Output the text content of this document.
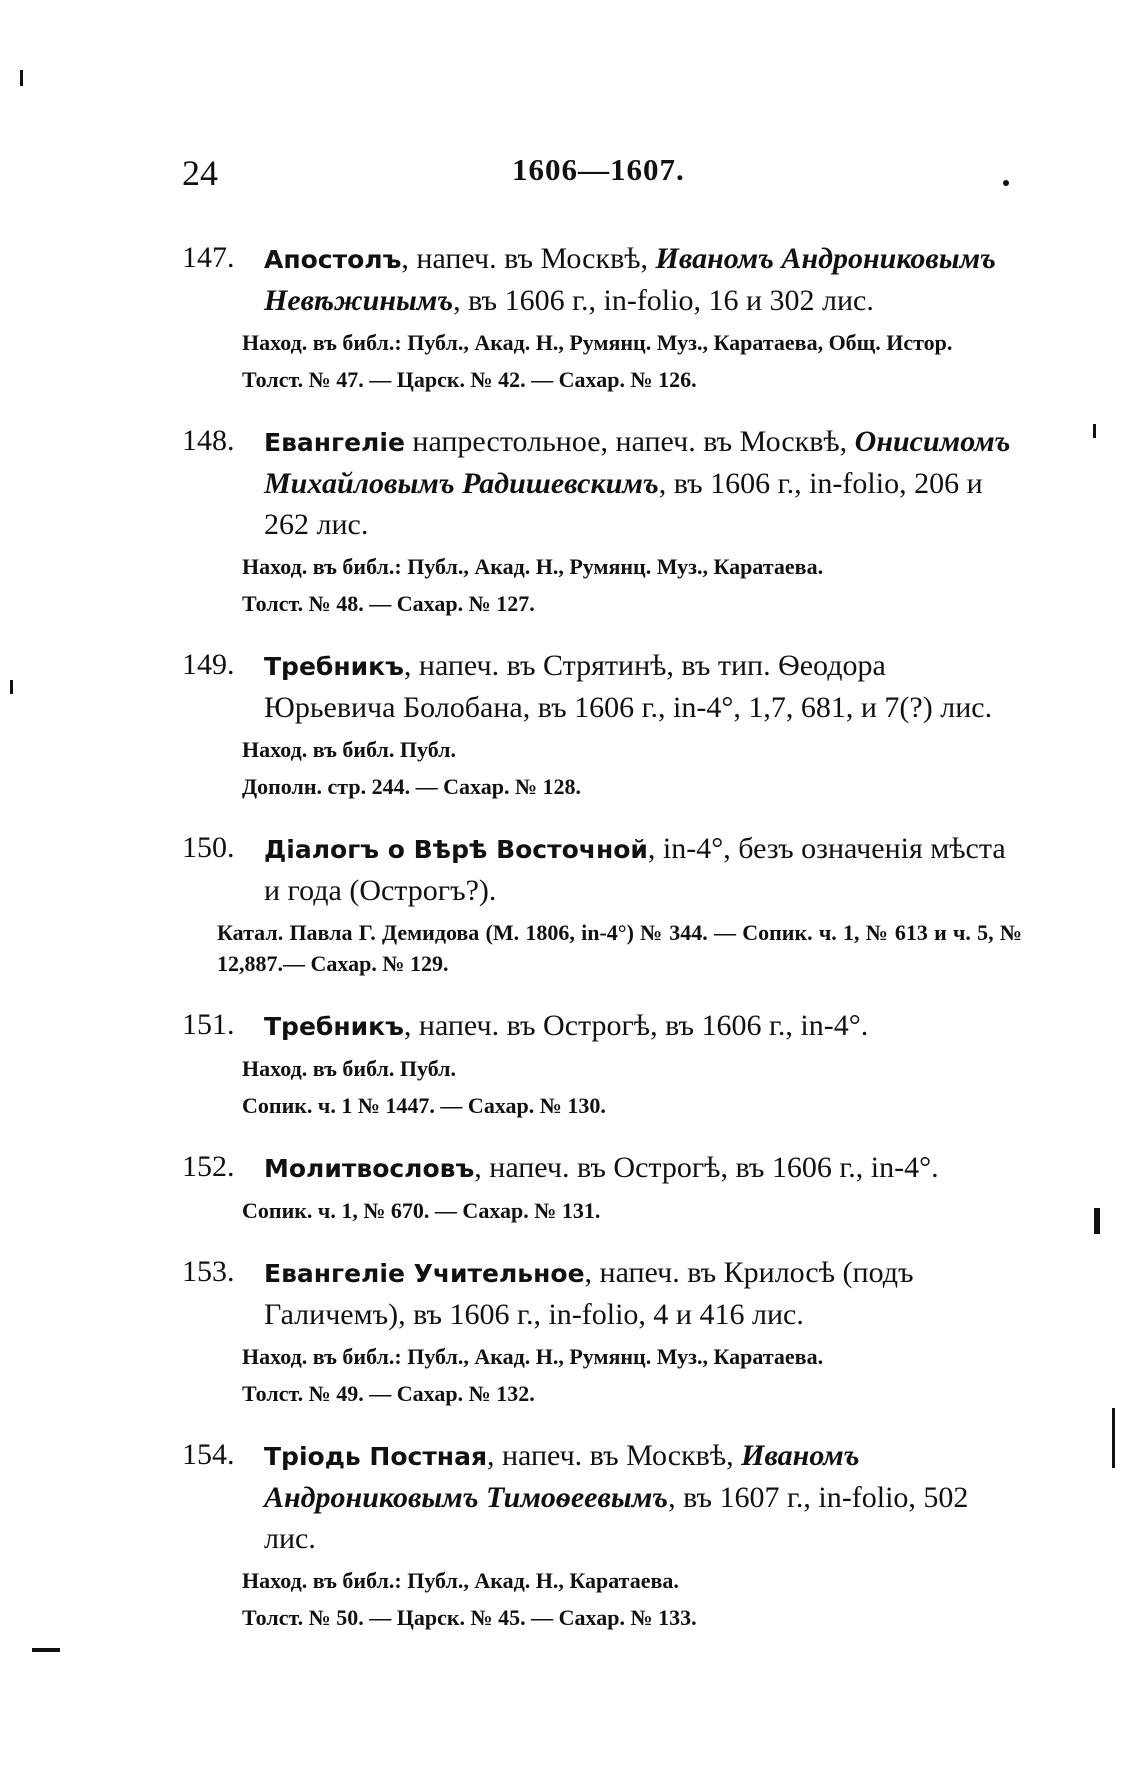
24	1606—1607.
147.	Апостолъ, напеч. въ Москвѣ, Иваномъ Андрониковымъ Невѣжинымъ, въ 1606 г., in-folio, 16 и 302 лис.
Наход. въ библ.: Публ., Акад. Н., Румянц. Муз., Каратаева, Общ. Истор.
Толст. № 47. — Царск. № 42. — Сахар. № 126.
148.	Евангеліе напрестольное, напеч. въ Москвѣ, Онисимомъ Михайловымъ Радишевскимъ, въ 1606 г., in-folio, 206 и 262 лис.
Наход. въ библ.: Публ., Акад. Н., Румянц. Муз., Каратаева.
Толст. № 48. — Сахар. № 127.
149.	Требникъ, напеч. въ Стрятинѣ, въ тип. Ѳеодора Юрьевича Болобана, въ 1606 г., in-4°, 1,7, 681, и 7(?) лис.
Наход. въ библ. Публ.
Дополн. стр. 244. — Сахар. № 128.
150.	Діалогъ о Вѣрѣ Восточной, in-4°, безъ означенія мѣста и года (Острогъ?).
Катал. Павла Г. Демидова (М. 1806, in-4°) № 344. — Сопик. ч. 1, № 613 и ч. 5, № 12,887.— Сахар. № 129.
151.	Требникъ, напеч. въ Острогѣ, въ 1606 г., in-4°.
Наход. въ библ. Публ.
Сопик. ч. 1 № 1447. — Сахар. № 130.
152.	Молитвословъ, напеч. въ Острогѣ, въ 1606 г., in-4°.
Сопик. ч. 1, № 670. — Сахар. № 131.
153.	Евангеліе Учительное, напеч. въ Крилосѣ (подъ Галичемъ), въ 1606 г., in-folio, 4 и 416 лис.
Наход. въ библ.: Публ., Акад. Н., Румянц. Муз., Каратаева.
Толст. № 49. — Сахар. № 132.
154.	Тріодь Постная, напеч. въ Москвѣ, Иваномъ Андрониковымъ Тимоѳеевымъ, въ 1607 г., in-folio, 502 лис.
Наход. въ библ.: Публ., Акад. Н., Каратаева.
Толст. № 50. — Царск. № 45. — Сахар. № 133.
